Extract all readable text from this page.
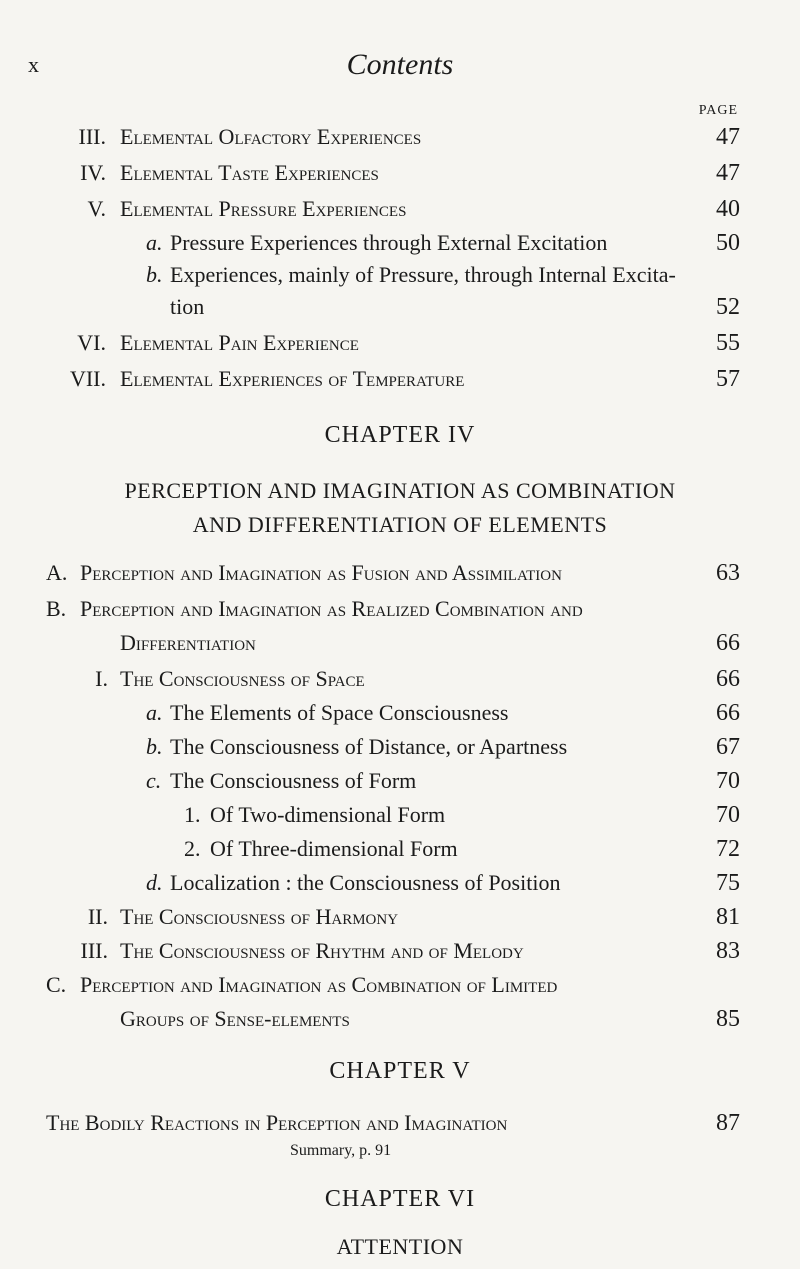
x	Contents
PAGE
III. Elemental Olfactory Experiences	47
IV. Elemental Taste Experiences	47
V. Elemental Pressure Experiences	40
a. Pressure Experiences through External Excitation	50
b. Experiences, mainly of Pressure, through Internal Excita-
tion	52
VI. Elemental Pain Experience	55
VII. Elemental Experiences of Temperature	57
CHAPTER IV
PERCEPTION AND IMAGINATION AS COMBINATION
AND DIFFERENTIATION OF ELEMENTS
A. Perception and Imagination as Fusion and Assimilation	63
B. Perception and Imagination as Realized Combination and
Differentiation	66
I. The Consciousness of Space	66
a. The Elements of Space Consciousness	66
b. The Consciousness of Distance, or Apartness	67
c. The Consciousness of Form	70
1. Of Two-dimensional Form	70
2. Of Three-dimensional Form	72
d. Localization : the Consciousness of Position	75
II. The Consciousness of Harmony	81
III. The Consciousness of Rhythm and of Melody	83
C. Perception and Imagination as Combination of Limited
Groups of Sense-elements	85
CHAPTER V
The Bodily Reactions in Perception and Imagination	87
Summary, p. 91
CHAPTER VI
ATTENTION
